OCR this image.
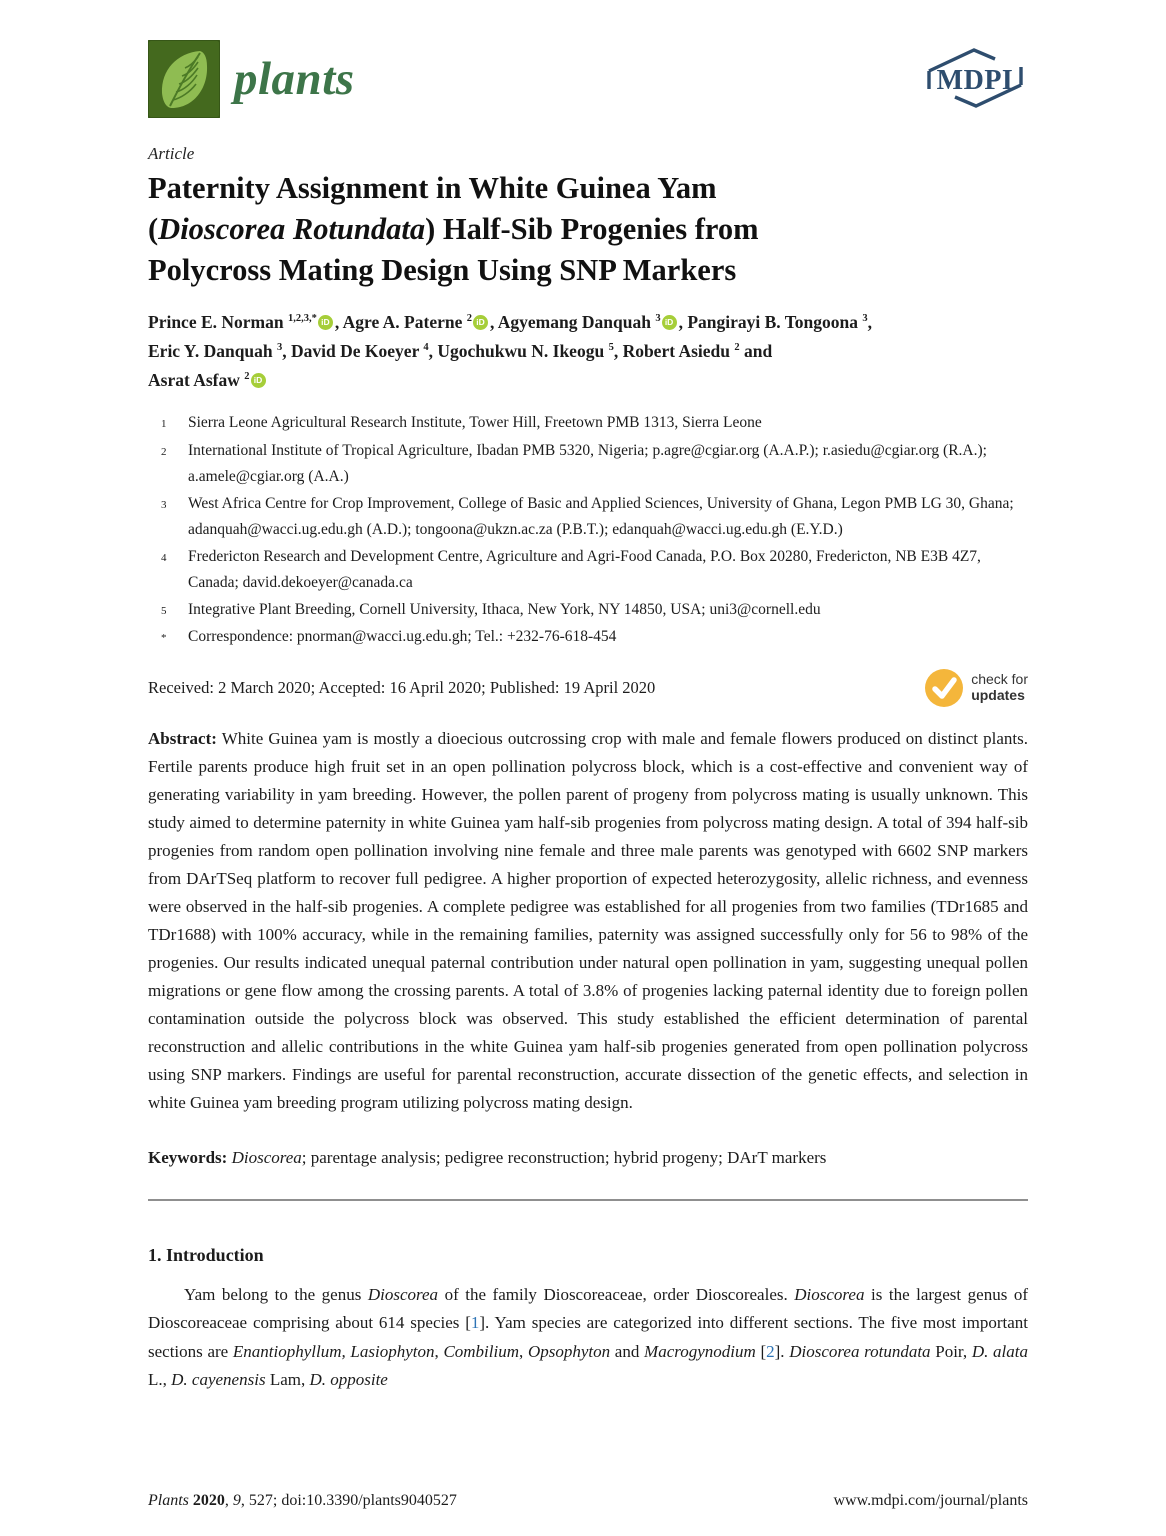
plants	MDPI
Article
Paternity Assignment in White Guinea Yam
(Dioscorea Rotundata) Half-Sib Progenies from
Polycross Mating Design Using SNP Markers
Prince E. Norman $^{1,2,3,*}$ iD , Agre A. Paterne $^2$ iD , Agyemang Danquah $^3$ iD , Pangirayi B. Tongoona $^3$,
Eric Y. Danquah $^3$, David De Koeyer $^4$, Ugochukwu N. Ikeogu $^5$, Robert Asiedu $^2$ and
Asrat Asfaw $^2$ iD
1	Sierra Leone Agricultural Research Institute, Tower Hill, Freetown PMB 1313, Sierra Leone
2	International Institute of Tropical Agriculture, Ibadan PMB 5320, Nigeria; p.agre@cgiar.org (A.A.P.); r.asiedu@cgiar.org (R.A.); a.amele@cgiar.org (A.A.)
3	West Africa Centre for Crop Improvement, College of Basic and Applied Sciences, University of Ghana, Legon PMB LG 30, Ghana; adanquah@wacci.ug.edu.gh (A.D.); tongoona@ukzn.ac.za (P.B.T.); edanquah@wacci.ug.edu.gh (E.Y.D.)
4	Fredericton Research and Development Centre, Agriculture and Agri-Food Canada, P.O. Box 20280, Fredericton, NB E3B 4Z7, Canada; david.dekoeyer@canada.ca
5	Integrative Plant Breeding, Cornell University, Ithaca, New York, NY 14850, USA; uni3@cornell.edu
*	Correspondence: pnorman@wacci.ug.edu.gh; Tel.: +232-76-618-454
Received: 2 March 2020; Accepted: 16 April 2020; Published: 19 April 2020	check for
updates

Abstract: White Guinea yam is mostly a dioecious outcrossing crop with male and female flowers produced on distinct plants. Fertile parents produce high fruit set in an open pollination polycross block, which is a cost-effective and convenient way of generating variability in yam breeding. However, the pollen parent of progeny from polycross mating is usually unknown. This study aimed to determine paternity in white Guinea yam half-sib progenies from polycross mating design. A total of 394 half-sib progenies from random open pollination involving nine female and three male parents was genotyped with 6602 SNP markers from DArTSeq platform to recover full pedigree. A higher proportion of expected heterozygosity, allelic richness, and evenness were observed in the half-sib progenies. A complete pedigree was established for all progenies from two families (TDr1685 and TDr1688) with 100% accuracy, while in the remaining families, paternity was assigned successfully only for 56 to 98% of the progenies. Our results indicated unequal paternal contribution under natural open pollination in yam, suggesting unequal pollen migrations or gene flow among the crossing parents. A total of 3.8% of progenies lacking paternal identity due to foreign pollen contamination outside the polycross block was observed. This study established the efficient determination of parental reconstruction and allelic contributions in the white Guinea yam half-sib progenies generated from open pollination polycross using SNP markers. Findings are useful for parental reconstruction, accurate dissection of the genetic effects, and selection in white Guinea yam breeding program utilizing polycross mating design.

Keywords: Dioscorea; parentage analysis; pedigree reconstruction; hybrid progeny; DArT markers

1. Introduction

Yam belong to the genus Dioscorea of the family Dioscoreaceae, order Dioscoreales. Dioscorea is the largest genus of Dioscoreaceae comprising about 614 species [1]. Yam species are categorized into different sections. The five most important sections are Enantiophyllum, Lasiophyton, Combilium, Opsophyton and Macrogynodium [2]. Dioscorea rotundata Poir, D. alata L., D. cayenensis Lam, D. opposite

Plants 2020, 9, 527; doi:10.3390/plants9040527	www.mdpi.com/journal/plants
